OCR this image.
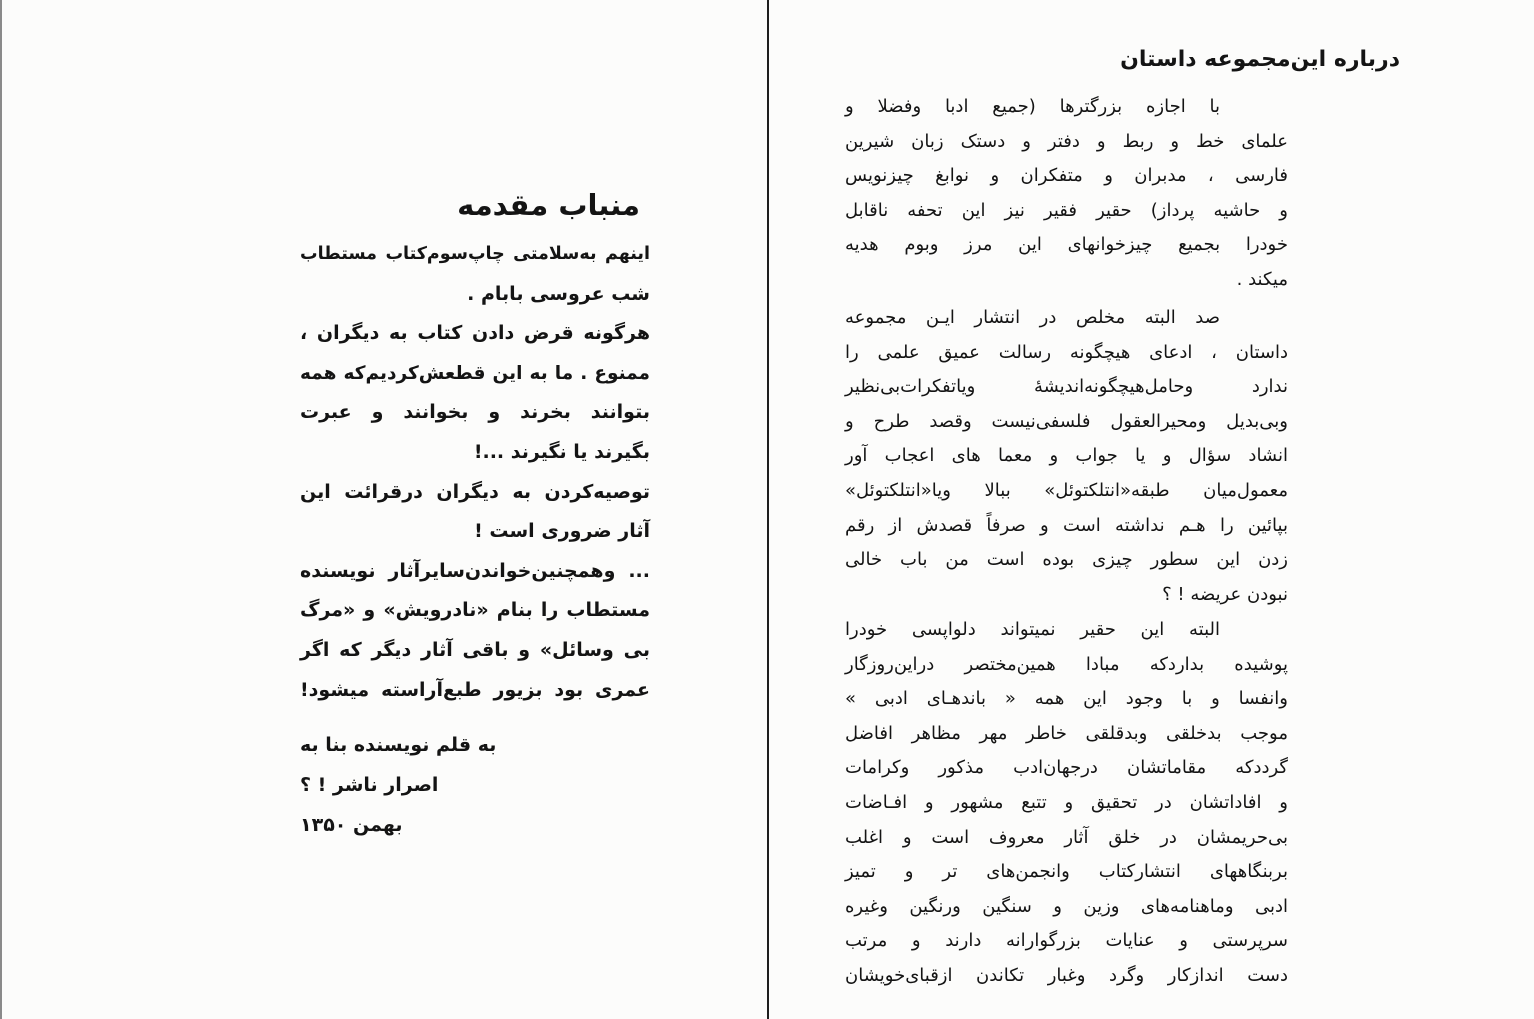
منباب مقدمه
اینهم به‌سلامتی چاپ‌سوم‌کتاب مستطاب
شب عروسی بابام .
هرگونه قرض دادن کتاب به دیگران ،
ممنوع . ما به این قطعش‌کردیم‌که همه
بتوانند بخرند و بخوانند و عبرت
بگیرند یا نگیرند ...!
توصیه‌کردن به دیگران درقرائت این
آثار ضروری است !
... وهمچنین‌خواندن‌سایرآثار نویسنده
مستطاب را بنام «نادرویش» و «مرگ
بی وسائل» و باقی آثار دیگر که اگر
عمری بود بزیور طبع‌آراسته میشود!
به قلم نویسنده بنا به
اصرار ناشر ! ؟
بهمن ۱۳۵۰
درباره این‌مجموعه داستان
با اجازه بزرگترها (جمیع ادبا وفضلا و
علمای خط و ربط و دفتر و دستک زبان شیرین
فارسی ، مدبران و متفکران و نوابغ چیزنویس
و حاشیه پرداز) حقیر فقیر نیز این تحفه ناقابل
خودرا بجمیع چیزخوانهای این مرز وبوم هدیه
میکند .
صد البته مخلص در انتشار ایـن مجموعه
داستان ، ادعای هیچگونه رسالت عمیق علمی را
ندارد وحامل‌هیچگونه‌اندیشهٔ ویاتفکرات‌بی‌نظیر
وبی‌بدیل ومحیرالعقول فلسفی‌نیست وقصد طرح و
انشاد سؤال و یا جواب و معما های اعجاب آور
معمول‌میان طبقه«انتلکتوئل» ببالا ویا«انتلکتوئل»
بپائین را هـم نداشته است و صرفاً قصدش از رقم
زدن این سطور چیزی بوده است من باب خالی
نبودن عریضه ! ؟
البته این حقیر نمیتواند دلواپسی خودرا
پوشیده بداردکه مبادا همین‌مختصر دراین‌روزگار
وانفسا و با وجود این همه « باندهـای ادبی »
موجب بدخلقی وبدقلقی خاطر مهر مظاهر افاضل
گرددکه مقاماتشان درجهان‌ادب مذکور وکرامات
و افاداتشان در تحقیق و تتبع مشهور و افـاضات
بی‌حریمشان در خلق آثار معروف است و اغلب
بربنگاههای انتشارکتاب وانجمن‌های تر و تمیز
ادبی وماهنامه‌های وزین و سنگین ورنگین وغیره
سرپرستی و عنایات بزرگوارانه دارند و مرتب
دست اندازکار وگرد وغبار تکاندن ازقبای‌خویشان
